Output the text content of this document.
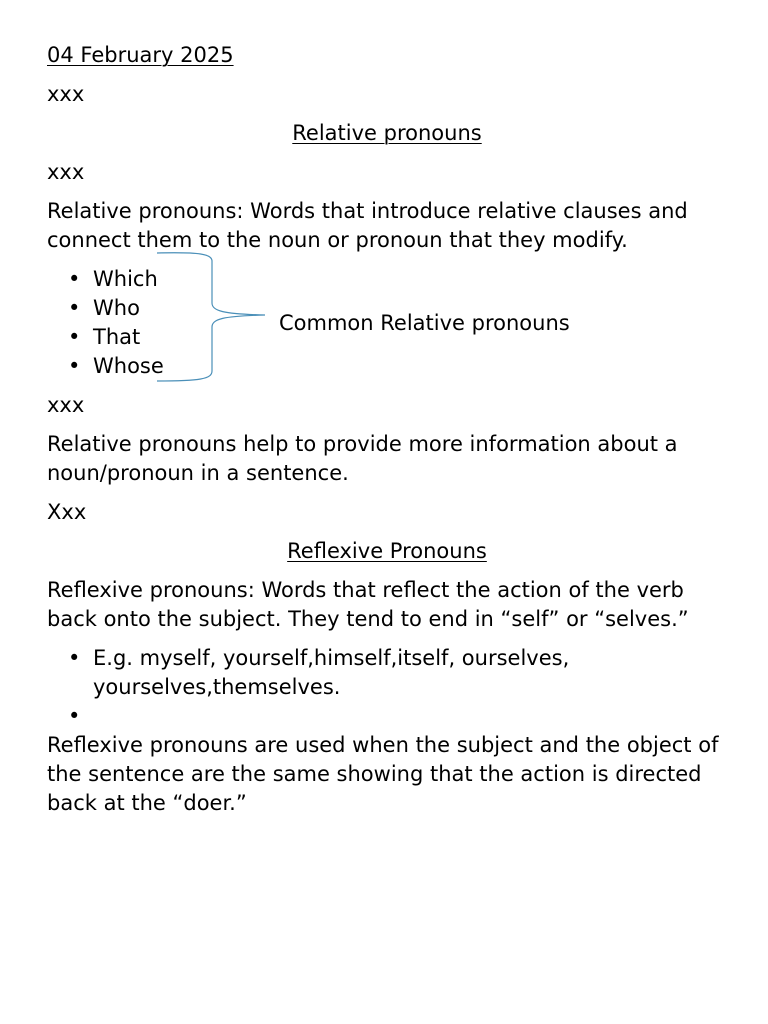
04 February 2025

xxx

Relative pronouns

xxx

Relative pronouns: Words that introduce relative clauses and connect them to the noun or pronoun that they modify.

• Which
• Who
• That
• Whose
Common Relative pronouns

xxx

Relative pronouns help to provide more information about a noun/pronoun in a sentence.

Xxx

Reflexive Pronouns

Reflexive pronouns: Words that reflect the action of the verb back onto the subject. They tend to end in “self” or “selves.”

• E.g. myself, yourself,himself,itself, ourselves, yourselves,themselves.
•

Reflexive pronouns are used when the subject and the object of the sentence are the same showing that the action is directed back at the “doer.”
